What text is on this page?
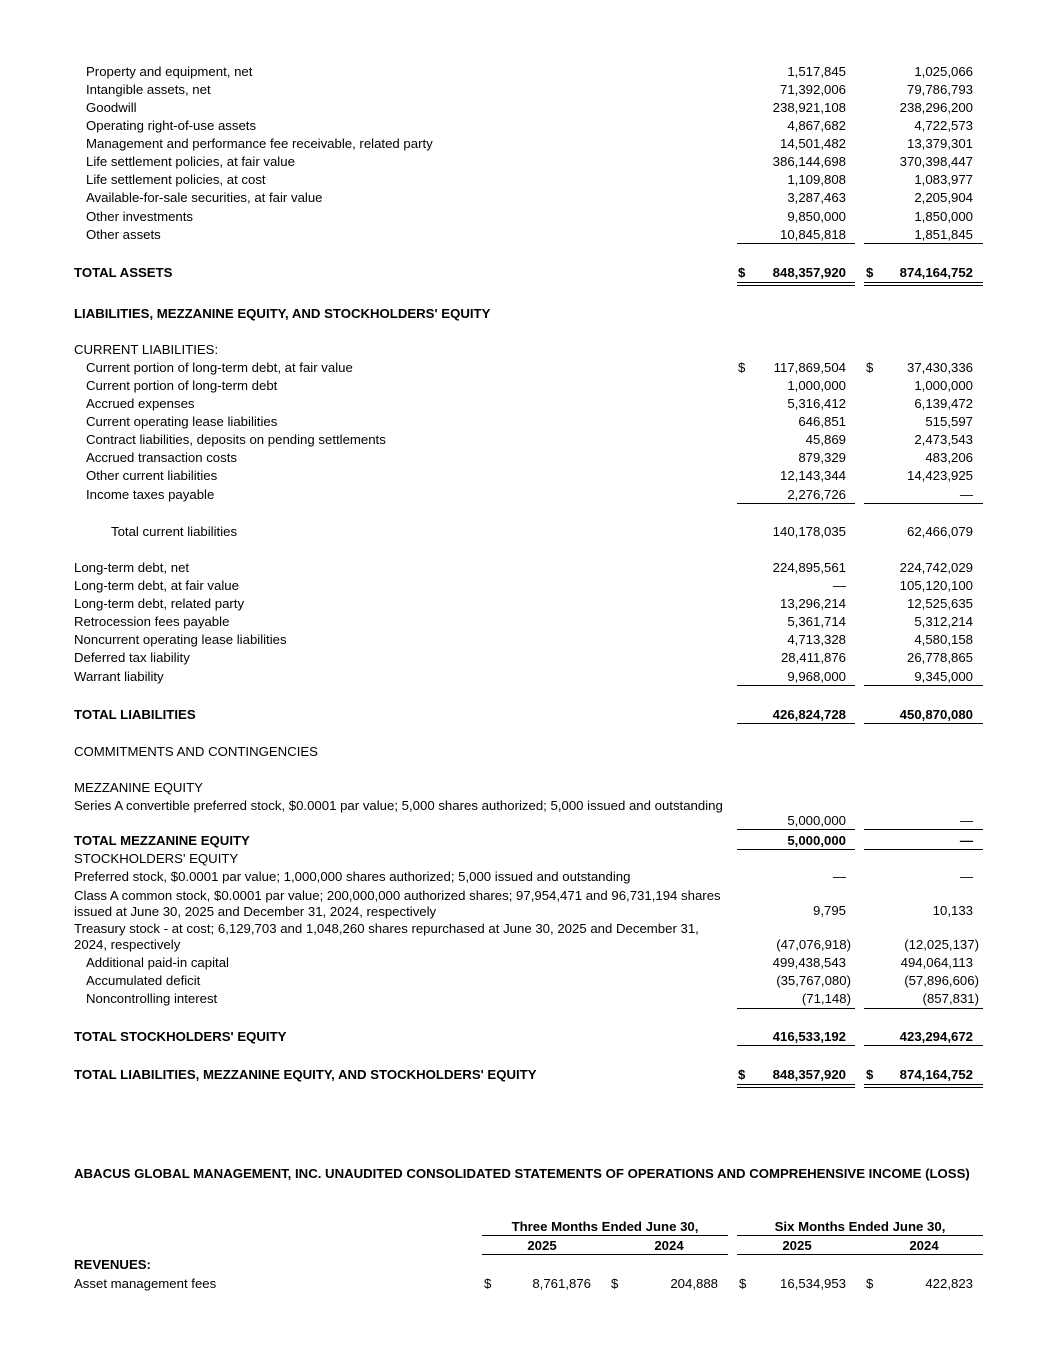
Property and equipment, net	1,517,845	1,025,066
Intangible assets, net	71,392,006	79,786,793
Goodwill	238,921,108	238,296,200
Operating right-of-use assets	4,867,682	4,722,573
Management and performance fee receivable, related party	14,501,482	13,379,301
Life settlement policies, at fair value	386,144,698	370,398,447
Life settlement policies, at cost	1,109,808	1,083,977
Available-for-sale securities, at fair value	3,287,463	2,205,904
Other investments	9,850,000	1,850,000
Other assets	10,845,818	1,851,845
TOTAL ASSETS	$	848,357,920 $	874,164,752
LIABILITIES, MEZZANINE EQUITY, AND STOCKHOLDERS' EQUITY
CURRENT LIABILITIES:
Current portion of long-term debt, at fair value	$	117,869,504 $	37,430,336
Current portion of long-term debt	1,000,000	1,000,000
Accrued expenses	5,316,412	6,139,472
Current operating lease liabilities	646,851	515,597
Contract liabilities, deposits on pending settlements	45,869	2,473,543
Accrued transaction costs	879,329	483,206
Other current liabilities	12,143,344	14,423,925
Income taxes payable	2,276,726	—
Total current liabilities	140,178,035	62,466,079
Long-term debt, net	224,895,561	224,742,029
Long-term debt, at fair value	—	105,120,100
Long-term debt, related party	13,296,214	12,525,635
Retrocession fees payable	5,361,714	5,312,214
Noncurrent operating lease liabilities	4,713,328	4,580,158
Deferred tax liability	28,411,876	26,778,865
Warrant liability	9,968,000	9,345,000
TOTAL LIABILITIES	426,824,728	450,870,080
COMMITMENTS AND CONTINGENCIES
MEZZANINE EQUITY
Series A convertible preferred stock, $0.0001 par value; 5,000 shares authorized; 5,000 issued and outstanding
5,000,000	—
TOTAL MEZZANINE EQUITY	5,000,000	—
STOCKHOLDERS' EQUITY
Preferred stock, $0.0001 par value; 1,000,000 shares authorized; 5,000 issued and outstanding	—	—
Class A common stock, $0.0001 par value; 200,000,000 authorized shares; 97,954,471 and 96,731,194 shares issued at June 30, 2025 and December 31, 2024, respectively	9,795	10,133
Treasury stock - at cost; 6,129,703 and 1,048,260 shares repurchased at June 30, 2025 and December 31, 2024, respectively	(47,076,918)	(12,025,137)
Additional paid-in capital	499,438,543	494,064,113
Accumulated deficit	(35,767,080)	(57,896,606)
Noncontrolling interest	(71,148)	(857,831)
TOTAL STOCKHOLDERS' EQUITY	416,533,192	423,294,672
TOTAL LIABILITIES, MEZZANINE EQUITY, AND STOCKHOLDERS' EQUITY	$	848,357,920 $	874,164,752
ABACUS GLOBAL MANAGEMENT, INC. UNAUDITED CONSOLIDATED STATEMENTS OF OPERATIONS AND COMPREHENSIVE INCOME (LOSS)
Three Months Ended June 30,	Six Months Ended June 30,
2025	2024	2025	2024
REVENUES:
Asset management fees	$	8,761,876 $	204,888 $	16,534,953 $	422,823
